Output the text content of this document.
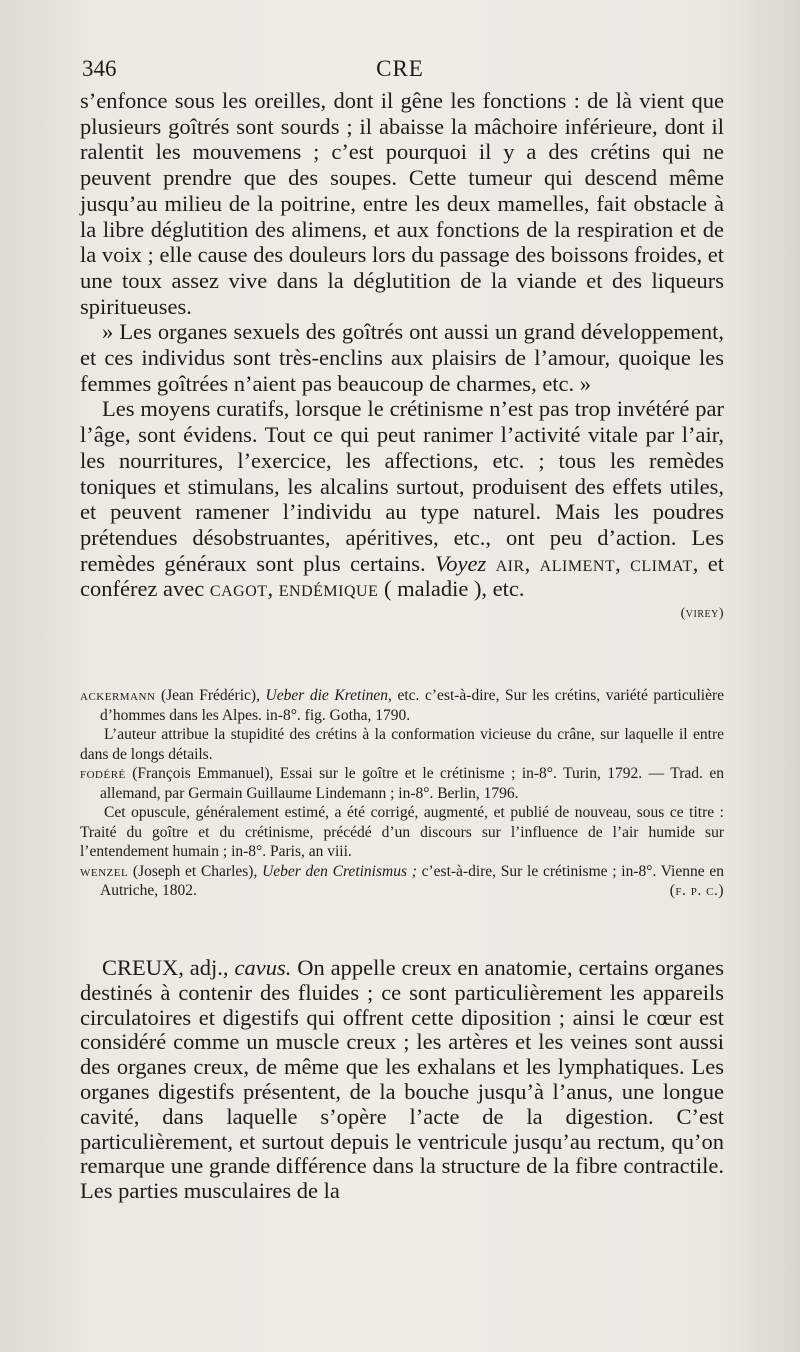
346	CRE

s’enfonce sous les oreilles, dont il gêne les fonctions : de là vient que plusieurs goîtrés sont sourds ; il abaisse la mâchoire inférieure, dont il ralentit les mouvemens ; c’est pourquoi il y a des crétins qui ne peuvent prendre que des soupes. Cette tumeur qui descend même jusqu’au milieu de la poitrine, entre les deux mamelles, fait obstacle à la libre déglutition des alimens, et aux fonctions de la respiration et de la voix ; elle cause des douleurs lors du passage des boissons froides, et une toux assez vive dans la déglutition de la viande et des liqueurs spiritueuses.

» Les organes sexuels des goîtrés ont aussi un grand développement, et ces individus sont très-enclins aux plaisirs de l’amour, quoique les femmes goîtrées n’aient pas beaucoup de charmes, etc. »

Les moyens curatifs, lorsque le crétinisme n’est pas trop invétéré par l’âge, sont évidens. Tout ce qui peut ranimer l’activité vitale par l’air, les nourritures, l’exercice, les affections, etc. ; tous les remèdes toniques et stimulans, les alcalins surtout, produisent des effets utiles, et peuvent ramener l’individu au type naturel. Mais les poudres prétendues désobstruantes, apéritives, etc., ont peu d’action. Les remèdes généraux sont plus certains. Voyez air, aliment, climat, et conférez avec cagot, endémique ( maladie ), etc.

(virey)

ackermann (Jean Frédéric), Ueber die Kretinen, etc. c’est-à-dire, Sur les crétins, variété particulière d’hommes dans les Alpes. in-8°. fig. Gotha, 1790.

L’auteur attribue la stupidité des crétins à la conformation vicieuse du crâne, sur laquelle il entre dans de longs détails.

fodéré (François Emmanuel), Essai sur le goître et le crétinisme ; in-8°. Turin, 1792. — Trad. en allemand, par Germain Guillaume Lindemann ; in-8°. Berlin, 1796.

Cet opuscule, généralement estimé, a été corrigé, augmenté, et publié de nouveau, sous ce titre : Traité du goître et du crétinisme, précédé d’un discours sur l’influence de l’air humide sur l’entendement humain ; in-8°. Paris, an viii.

wenzel (Joseph et Charles), Ueber den Cretinismus ; c’est-à-dire, Sur le crétinisme ; in-8°. Vienne en Autriche, 1802.	(f. p. c.)

CREUX, adj., cavus. On appelle creux en anatomie, certains organes destinés à contenir des fluides ; ce sont particulièrement les appareils circulatoires et digestifs qui offrent cette diposition ; ainsi le cœur est considéré comme un muscle creux ; les artères et les veines sont aussi des organes creux, de même que les exhalans et les lymphatiques. Les organes digestifs présentent, de la bouche jusqu’à l’anus, une longue cavité, dans laquelle s’opère l’acte de la digestion. C’est particulièrement, et surtout depuis le ventricule jusqu’au rectum, qu’on remarque une grande différence dans la structure de la fibre contractile. Les parties musculaires de la
